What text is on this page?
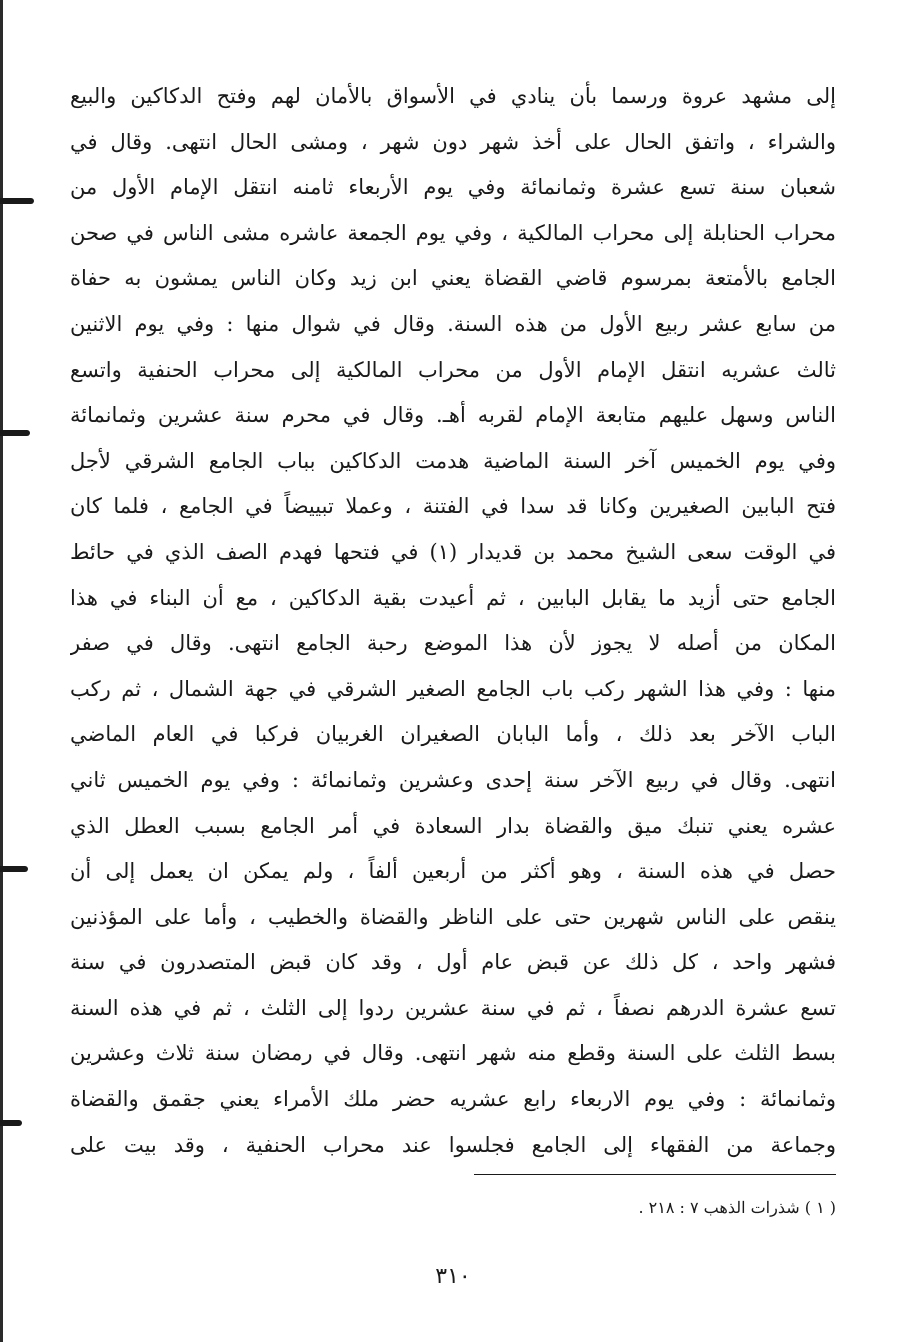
إلى مشهد عروة ورسما بأن ينادي في الأسواق بالأمان لهم وفتح الدكاكين والبيع
والشراء ، واتفق الحال على أخذ شهر دون شهر ، ومشى الحال انتهى. وقال في
شعبان سنة تسع عشرة وثمانمائة وفي يوم الأربعاء ثامنه انتقل الإمام الأول من
محراب الحنابلة إلى محراب المالكية ، وفي يوم الجمعة عاشره مشى الناس في صحن
الجامع بالأمتعة بمرسوم قاضي القضاة يعني ابن زيد وكان الناس يمشون به حفاة
من سابع عشر ربيع الأول من هذه السنة. وقال في شوال منها : وفي يوم الاثنين
ثالث عشريه انتقل الإمام الأول من محراب المالكية إلى محراب الحنفية واتسع
الناس وسهل عليهم متابعة الإمام لقربه أهـ. وقال في محرم سنة عشرين وثمانمائة
وفي يوم الخميس آخر السنة الماضية هدمت الدكاكين بباب الجامع الشرقي لأجل
فتح البابين الصغيرين وكانا قد سدا في الفتنة ، وعملا تبييضاً في الجامع ، فلما كان
في الوقت سعى الشيخ محمد بن قديدار (١) في فتحها فهدم الصف الذي في حائط
الجامع حتى أزيد ما يقابل البابين ، ثم أعيدت بقية الدكاكين ، مع أن البناء في هذا
المكان من أصله لا يجوز لأن هذا الموضع رحبة الجامع انتهى. وقال في صفر
منها : وفي هذا الشهر ركب باب الجامع الصغير الشرقي في جهة الشمال ، ثم ركب
الباب الآخر بعد ذلك ، وأما البابان الصغيران الغربيان فركبا في العام الماضي
انتهى. وقال في ربيع الآخر سنة إحدى وعشرين وثمانمائة : وفي يوم الخميس ثاني
عشره يعني تنبك ميق والقضاة بدار السعادة في أمر الجامع بسبب العطل الذي
حصل في هذه السنة ، وهو أكثر من أربعين ألفاً ، ولم يمكن ان يعمل إلى أن
ينقص على الناس شهرين حتى على الناظر والقضاة والخطيب ، وأما على المؤذنين
فشهر واحد ، كل ذلك عن قبض عام أول ، وقد كان قبض المتصدرون في سنة
تسع عشرة الدرهم نصفاً ، ثم في سنة عشرين ردوا إلى الثلث ، ثم في هذه السنة
بسط الثلث على السنة وقطع منه شهر انتهى. وقال في رمضان سنة ثلاث وعشرين
وثمانمائة : وفي يوم الاربعاء رابع عشريه حضر ملك الأمراء يعني جقمق والقضاة
وجماعة من الفقهاء إلى الجامع فجلسوا عند محراب الحنفية ، وقد بيت على
( ١ ) شذرات الذهب ٧ : ٢١٨ .
٣١٠
